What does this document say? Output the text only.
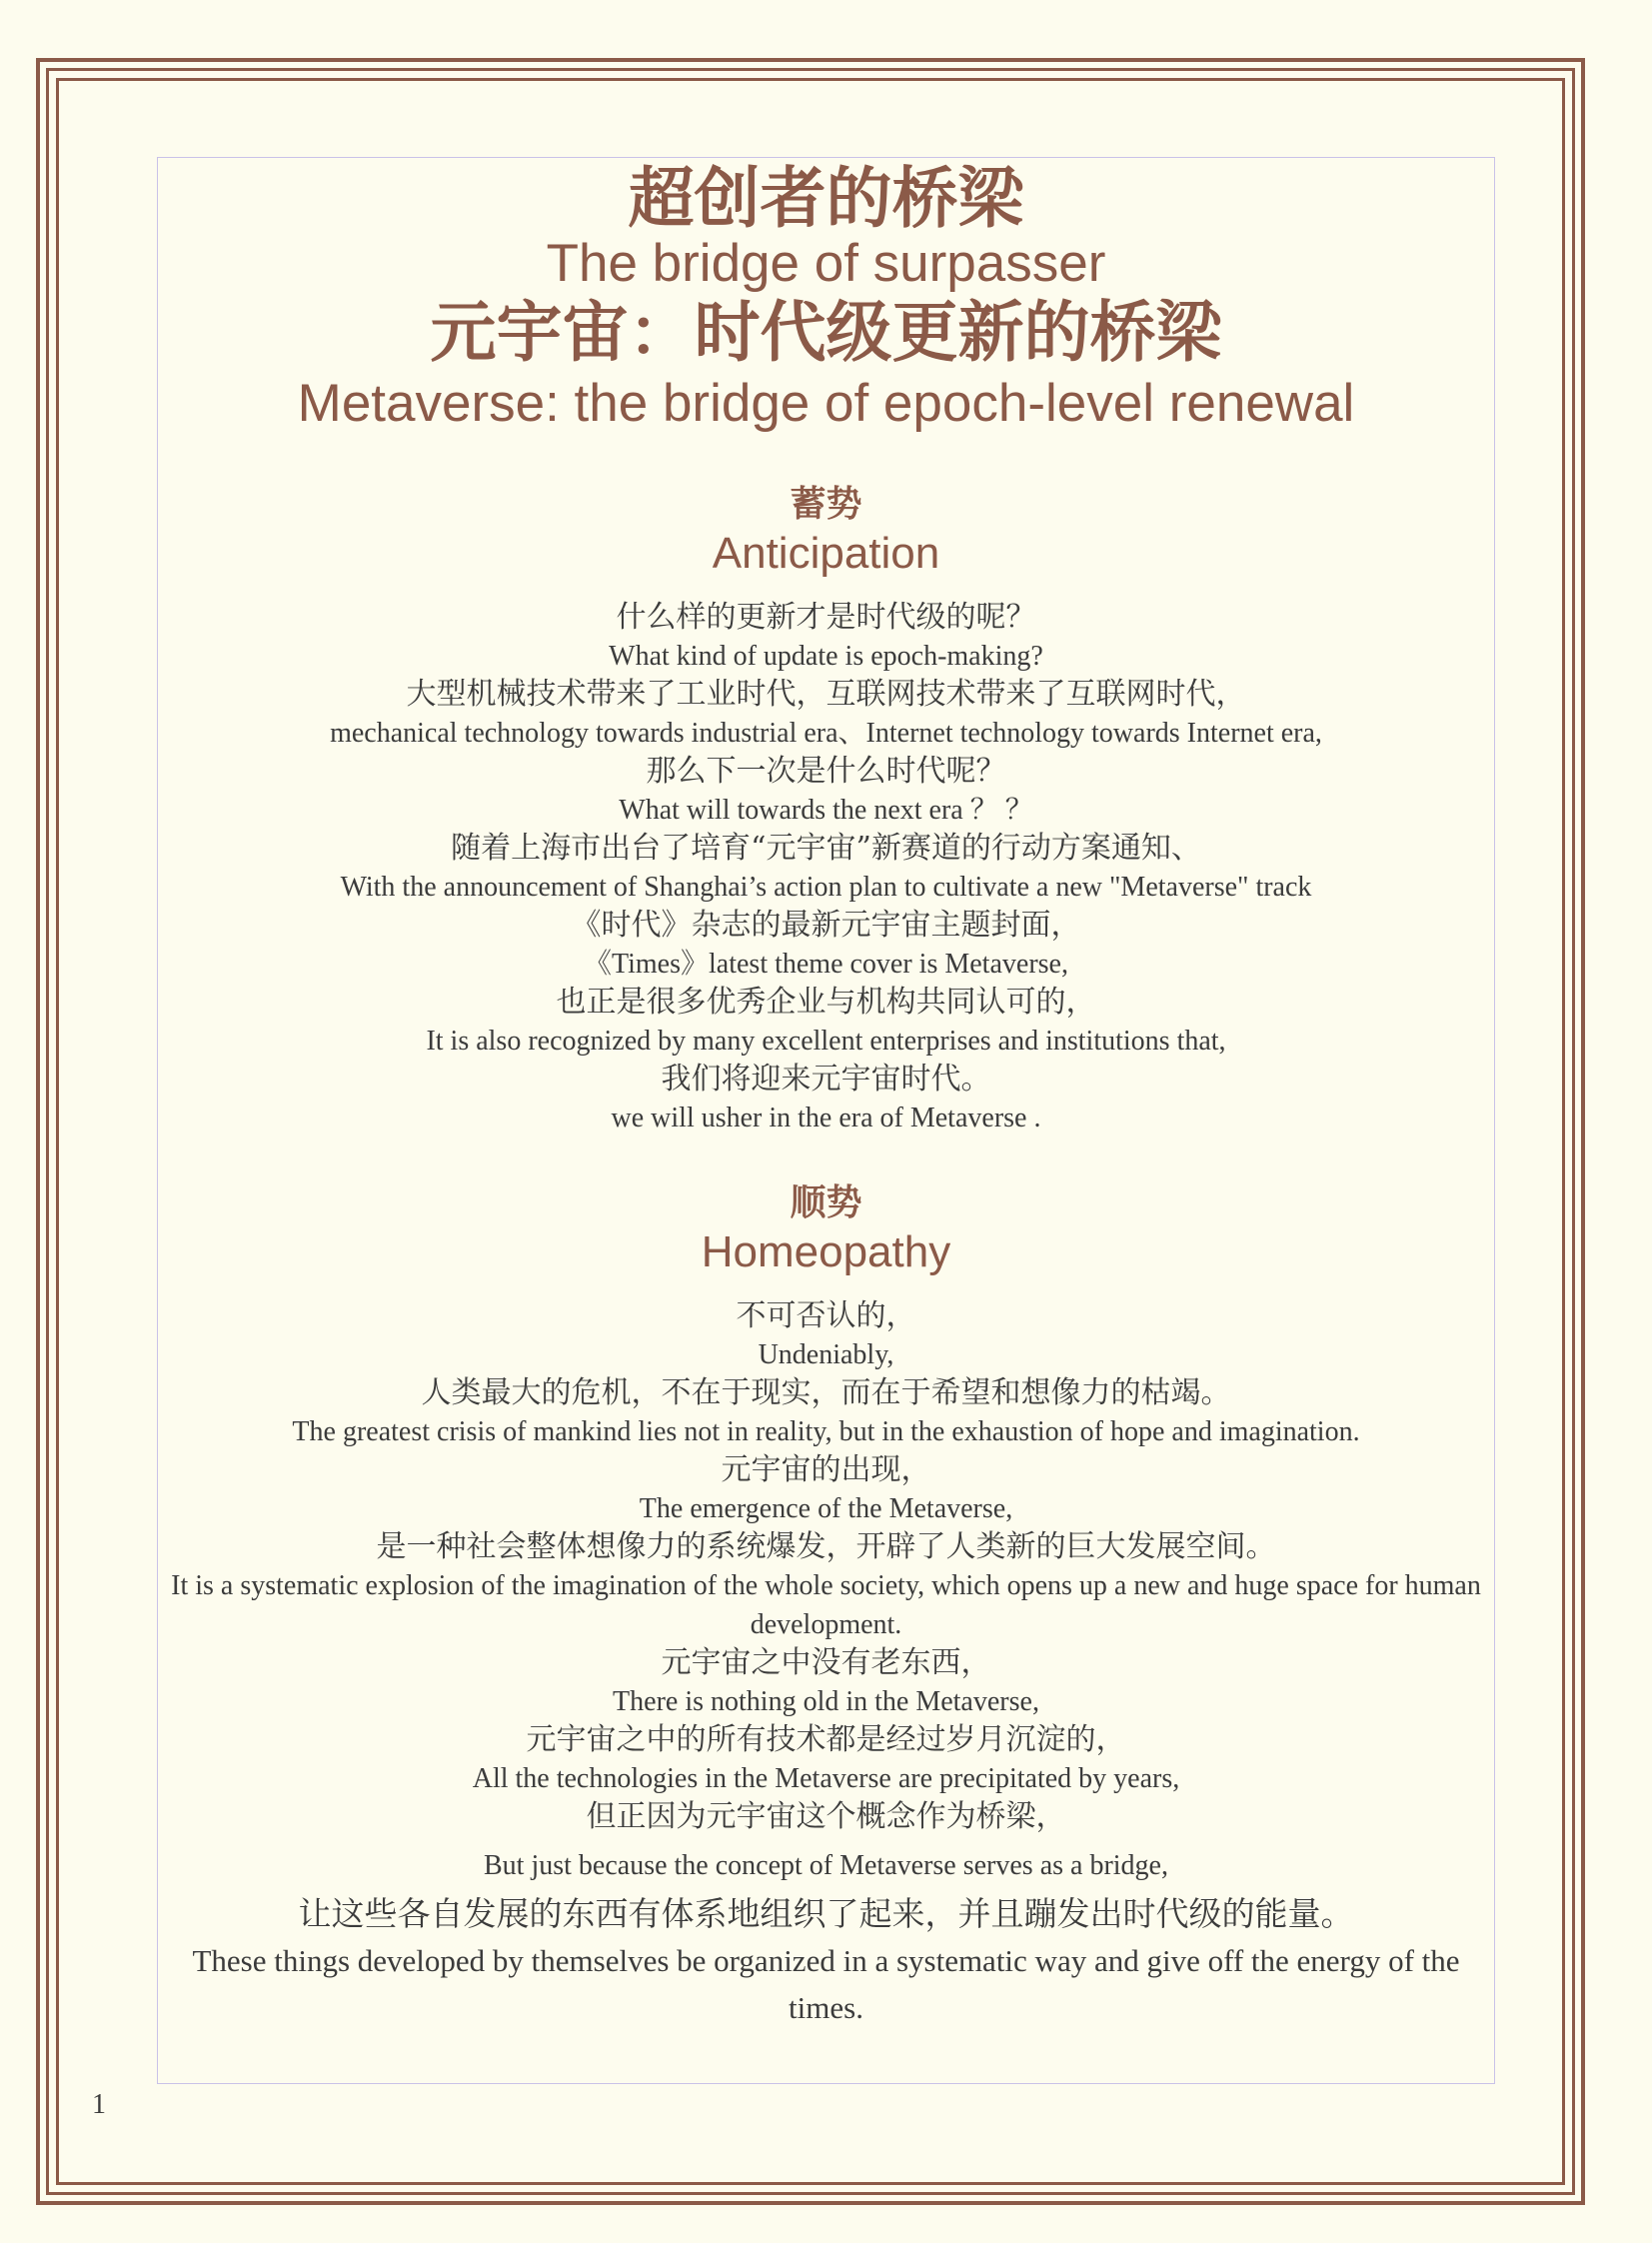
超创者的桥梁

The bridge of surpasser

元宇宙：时代级更新的桥梁

Metaverse: the bridge of epoch-level renewal

蓄势

Anticipation

什么样的更新才是时代级的呢？

What kind of update is epoch-making?

大型机械技术带来了工业时代，互联网技术带来了互联网时代，

mechanical technology towards industrial era、Internet technology towards Internet era,

那么下一次是什么时代呢？

What will towards the next era ？ ？

随着上海市出台了培育“元宇宙”新赛道的行动方案通知、

With the announcement of Shanghai’s action plan to cultivate a new "Metaverse" track

《时代》杂志的最新元宇宙主题封面，

《Times》latest theme cover is Metaverse,

也正是很多优秀企业与机构共同认可的，

It is also recognized by many excellent enterprises and institutions that,

我们将迎来元宇宙时代。

we will usher in the era of Metaverse .

顺势

Homeopathy

不可否认的，

Undeniably,

人类最大的危机，不在于现实，而在于希望和想像力的枯竭。

The greatest crisis of mankind lies not in reality, but in the exhaustion of hope and imagination.

元宇宙的出现，

The emergence of the Metaverse,

是一种社会整体想像力的系统爆发，开辟了人类新的巨大发展空间。

It is a systematic explosion of the imagination of the whole society, which opens up a new and huge space for human development.

元宇宙之中没有老东西，

There is nothing old in the Metaverse,

元宇宙之中的所有技术都是经过岁月沉淀的，

All the technologies in the Metaverse are precipitated by years,

但正因为元宇宙这个概念作为桥梁，

But just because the concept of Metaverse serves as a bridge,

让这些各自发展的东西有体系地组织了起来，并且蹦发出时代级的能量。

These things developed by themselves be organized in a systematic way and give off the energy of the times.

1
